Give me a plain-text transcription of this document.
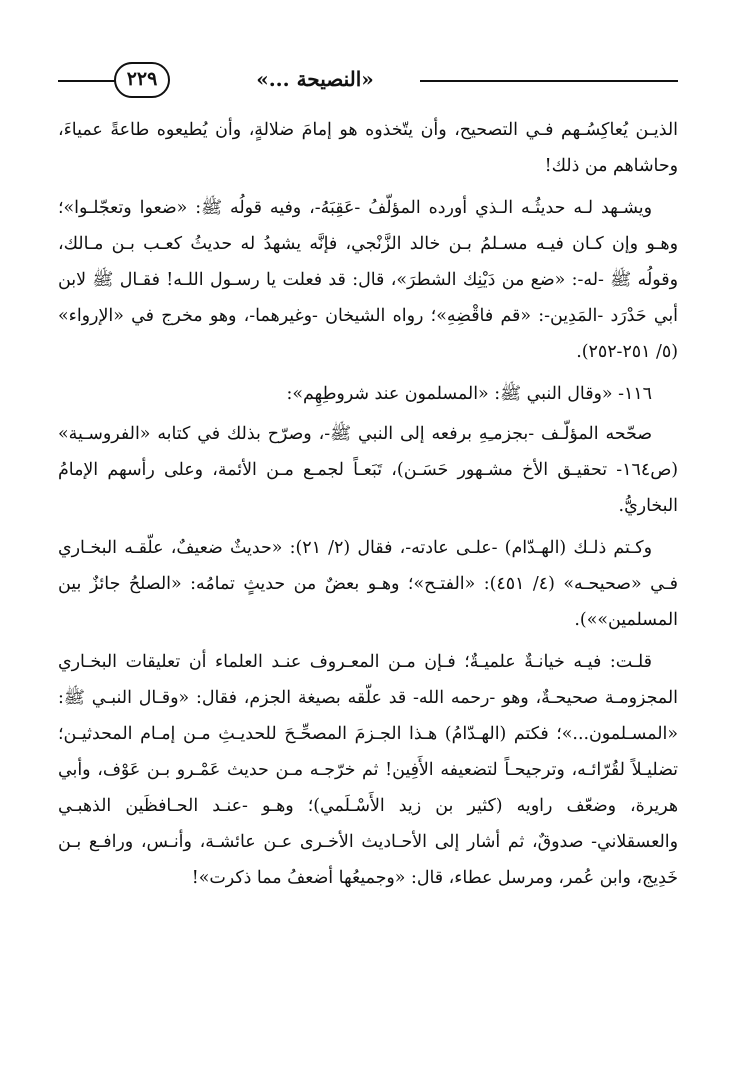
٢٢٩	«النصيحة ...»

الذيـن يُعاكِسُـهم فـي التصحيح، وأن يتّخذوه هو إمامَ ضلالةٍ، وأن يُطيعوه طاعةً عمياءَ، وحاشاهم من ذلك!

ويشـهد لـه حديثُـه الـذي أورده المؤلّفُ -عَقِبَهُ-، وفيه قولُه ﷺ: «ضعوا وتعجّلـوا»؛ وهـو وإن كـان فيـه مسـلمُ بـن خالد الزَّنْجي، فإنَّه يشهدُ له حديثُ كعـب بـن مـالك، وقولُه ﷺ -له-: «ضع من دَيْنِك الشطرَ»، قال: قد فعلت يا رسـول اللـه! فقـال ﷺ لابن أبي حَدْرَد -المَدِين-: «قم فاقْضِهِ»؛ رواه الشيخان -وغيرهما-، وهو مخرج في «الإرواء» (٥/ ٢٥١-٢٥٢).

١١٦- «وقال النبي ﷺ: «المسلمون عند شروطِهِم»:

صحّحه المؤلّـف -بجزمـِهِ برفعه إلى النبي ﷺ-، وصرّح بذلك في كتابه «الفروسـية» (ص١٦٤- تحقيـق الأخ مشـهور حَسَـن)، تَبَعـاً لجمـع مـن الأئمة، وعلى رأسهم الإمامُ البخاريُّ.

وكـتم ذلـك (الهـدّام) -علـى عادته-، فقال (٢/ ٢١): «حديثٌ ضعيفٌ، علّقـه البخـاري فـي «صحيحـه» (٤/ ٤٥١): «الفتـح»؛ وهـو بعضٌ من حديثٍ تمامُه: «الصلحُ جائزٌ بين المسلمين»»).

قلـت: فيـه خيانـةٌ علميـةٌ؛ فـإن مـن المعـروف عنـد العلماء أن تعليقات البخـاري المجزومـة صحيحـةٌ، وهو -رحمه الله- قد علّقه بصيغة الجزم، فقال: «وقـال النبـي ﷺ: «المسـلمون...»؛ فكتم (الهـدّامُ) هـذا الجـزمَ المصحِّـحَ للحديـثِ مـن إمـام المحدثيـن؛ تضليـلاً لقُرّائـه، وترجيحـاً لتضعيفه الأَفِين! ثم خرّجـه مـن حديث عَمْـرو بـن عَوْف، وأبي هريرة، وضعّف راويه (كثير بن زيد الأَسْـلَمي)؛ وهـو -عنـد الحـافظَين الذهبـي والعسقلاني- صدوقٌ، ثم أشار إلى الأحـاديث الأخـرى عـن عائشـة، وأنـس، ورافـع بـن خَدِيج، وابن عُمر، ومرسل عطاء، قال: «وجميعُها أضعفُ مما ذكرت»!
